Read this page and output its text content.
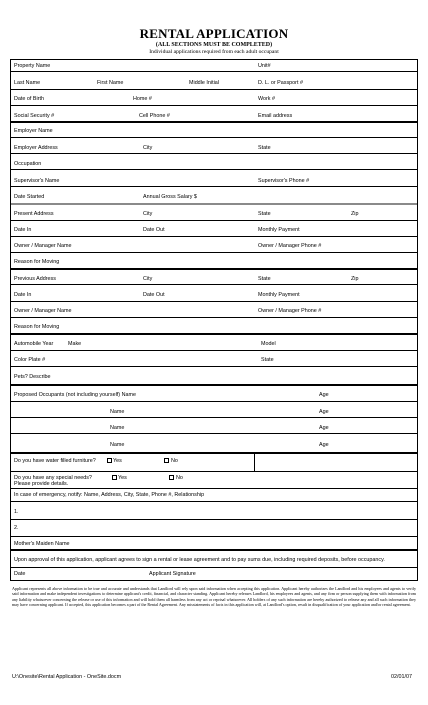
RENTAL APPLICATION
(ALL SECTIONS MUST BE COMPLETED)
Individual applications required from each adult occupant
Property Name	Unit#
Last Name	First Name	Middle Initial	D. L. or Passport #
Date of Birth	Home #	Work #
Social Security #	Cell Phone #	Email address
Employer Name
Employer Address	City	State
Occupation
Supervisor's Name	Supervisor's Phone #
Date Started	Annual Gross Salary $
Present Address	City	State	Zip
Date In	Date Out	Monthly Payment
Owner / Manager Name	Owner / Manager Phone #
Reason for Moving
Previous Address	City	State	Zip
Date In	Date Out	Monthly Payment
Owner / Manager Name	Owner / Manager Phone #
Reason for Moving
Automobile Year	Make	Model
Color Plate #	State
Pets? Describe
Proposed Occupants (not including yourself) Name	Age
Name	Age
Name	Age
Name	Age
Do you have water filled furniture?	Yes	No
Do you have any special needs?	Yes	No
Please provide details.
In case of emergency, notify: Name, Address, City, State, Phone #, Relationship
1.
2.
Mother's Maiden Name
Upon approval of this application, applicant agrees to sign a rental or lease agreement and to pay sums due, including required deposits, before occupancy.
Date	Applicant Signature
Applicant represents all above information to be true and accurate and understands that Landlord will rely upon said information when accepting this application. Applicant hereby authorizes the Landlord and his employees and agents to verify said information and make independent investigations to determine applicant's credit, financial, and character standing. Applicant hereby releases Landlord, his employees and agents, and any firm or person supplying them with information from any liability whatsoever concerning the release or use of this information and will hold them all harmless from any act or reprisal whatsoever. All holders of any such information are hereby authorized to release any and all such information they may have concerning applicant. If accepted, this application becomes a part of the Rental Agreement. Any misstatements of facts in this application will, at Landlord's option, result in disqualification of your application and/or rental agreement.
U:\Onesite\Rental Application - OneSite.docm	02/01/07
